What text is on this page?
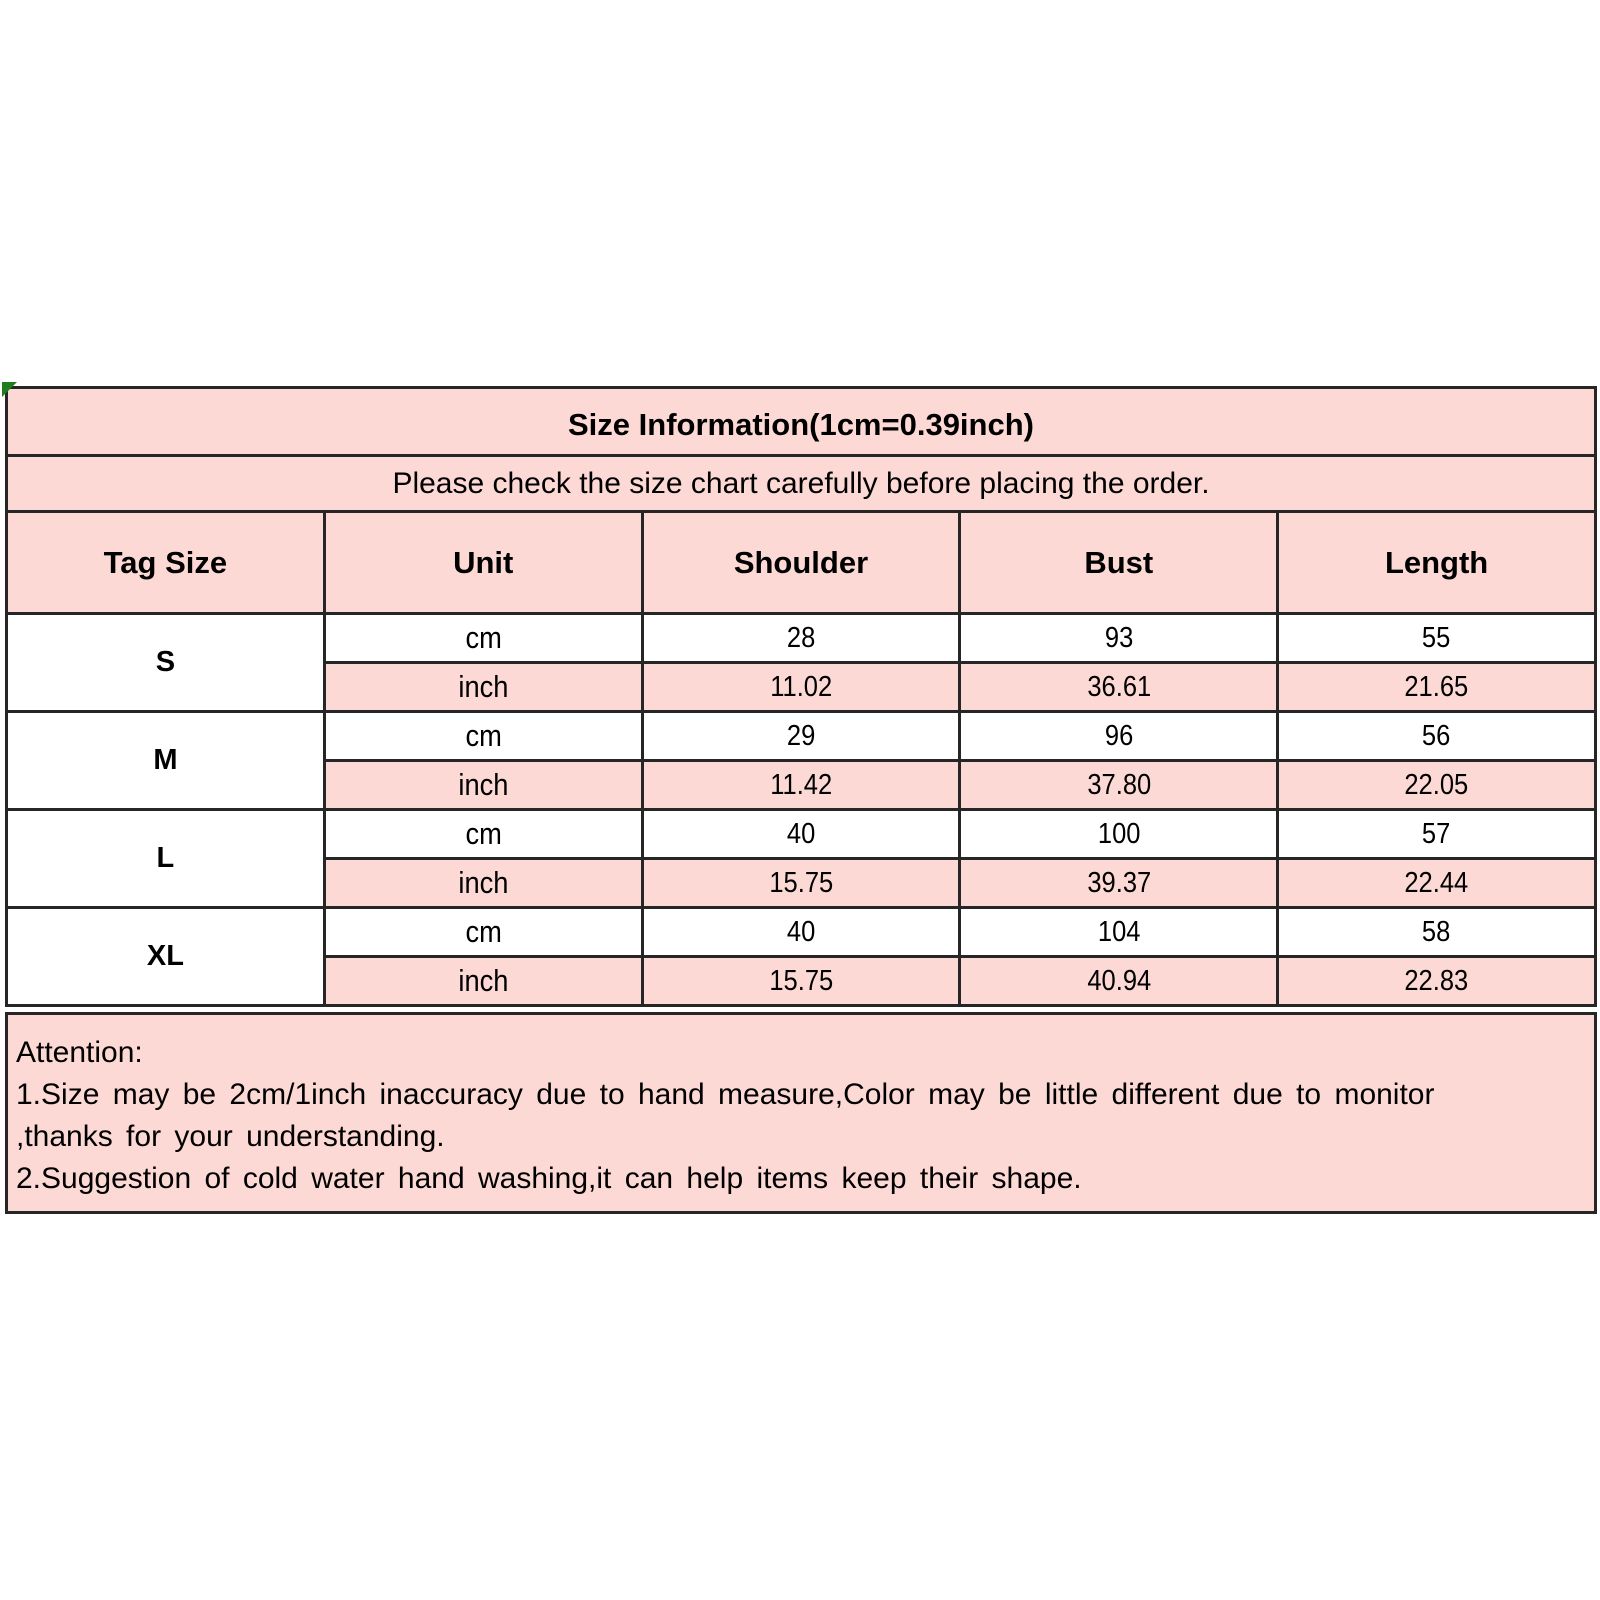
Size Information(1cm=0.39inch)				
Please check the size chart carefully before placing the order.				
Tag Size	Unit	Shoulder	Bust	Length
S	cm	28	93	55
	inch	11.02	36.61	21.65
M	cm	29	96	56
	inch	11.42	37.80	22.05
L	cm	40	100	57
	inch	15.75	39.37	22.44
XL	cm	40	104	58
	inch	15.75	40.94	22.83
Attention:
1.Size may be 2cm/1inch inaccuracy due to hand measure,Color may be little different due to monitor
,thanks for your understanding.
2.Suggestion of cold water hand washing,it can help items keep their shape.
